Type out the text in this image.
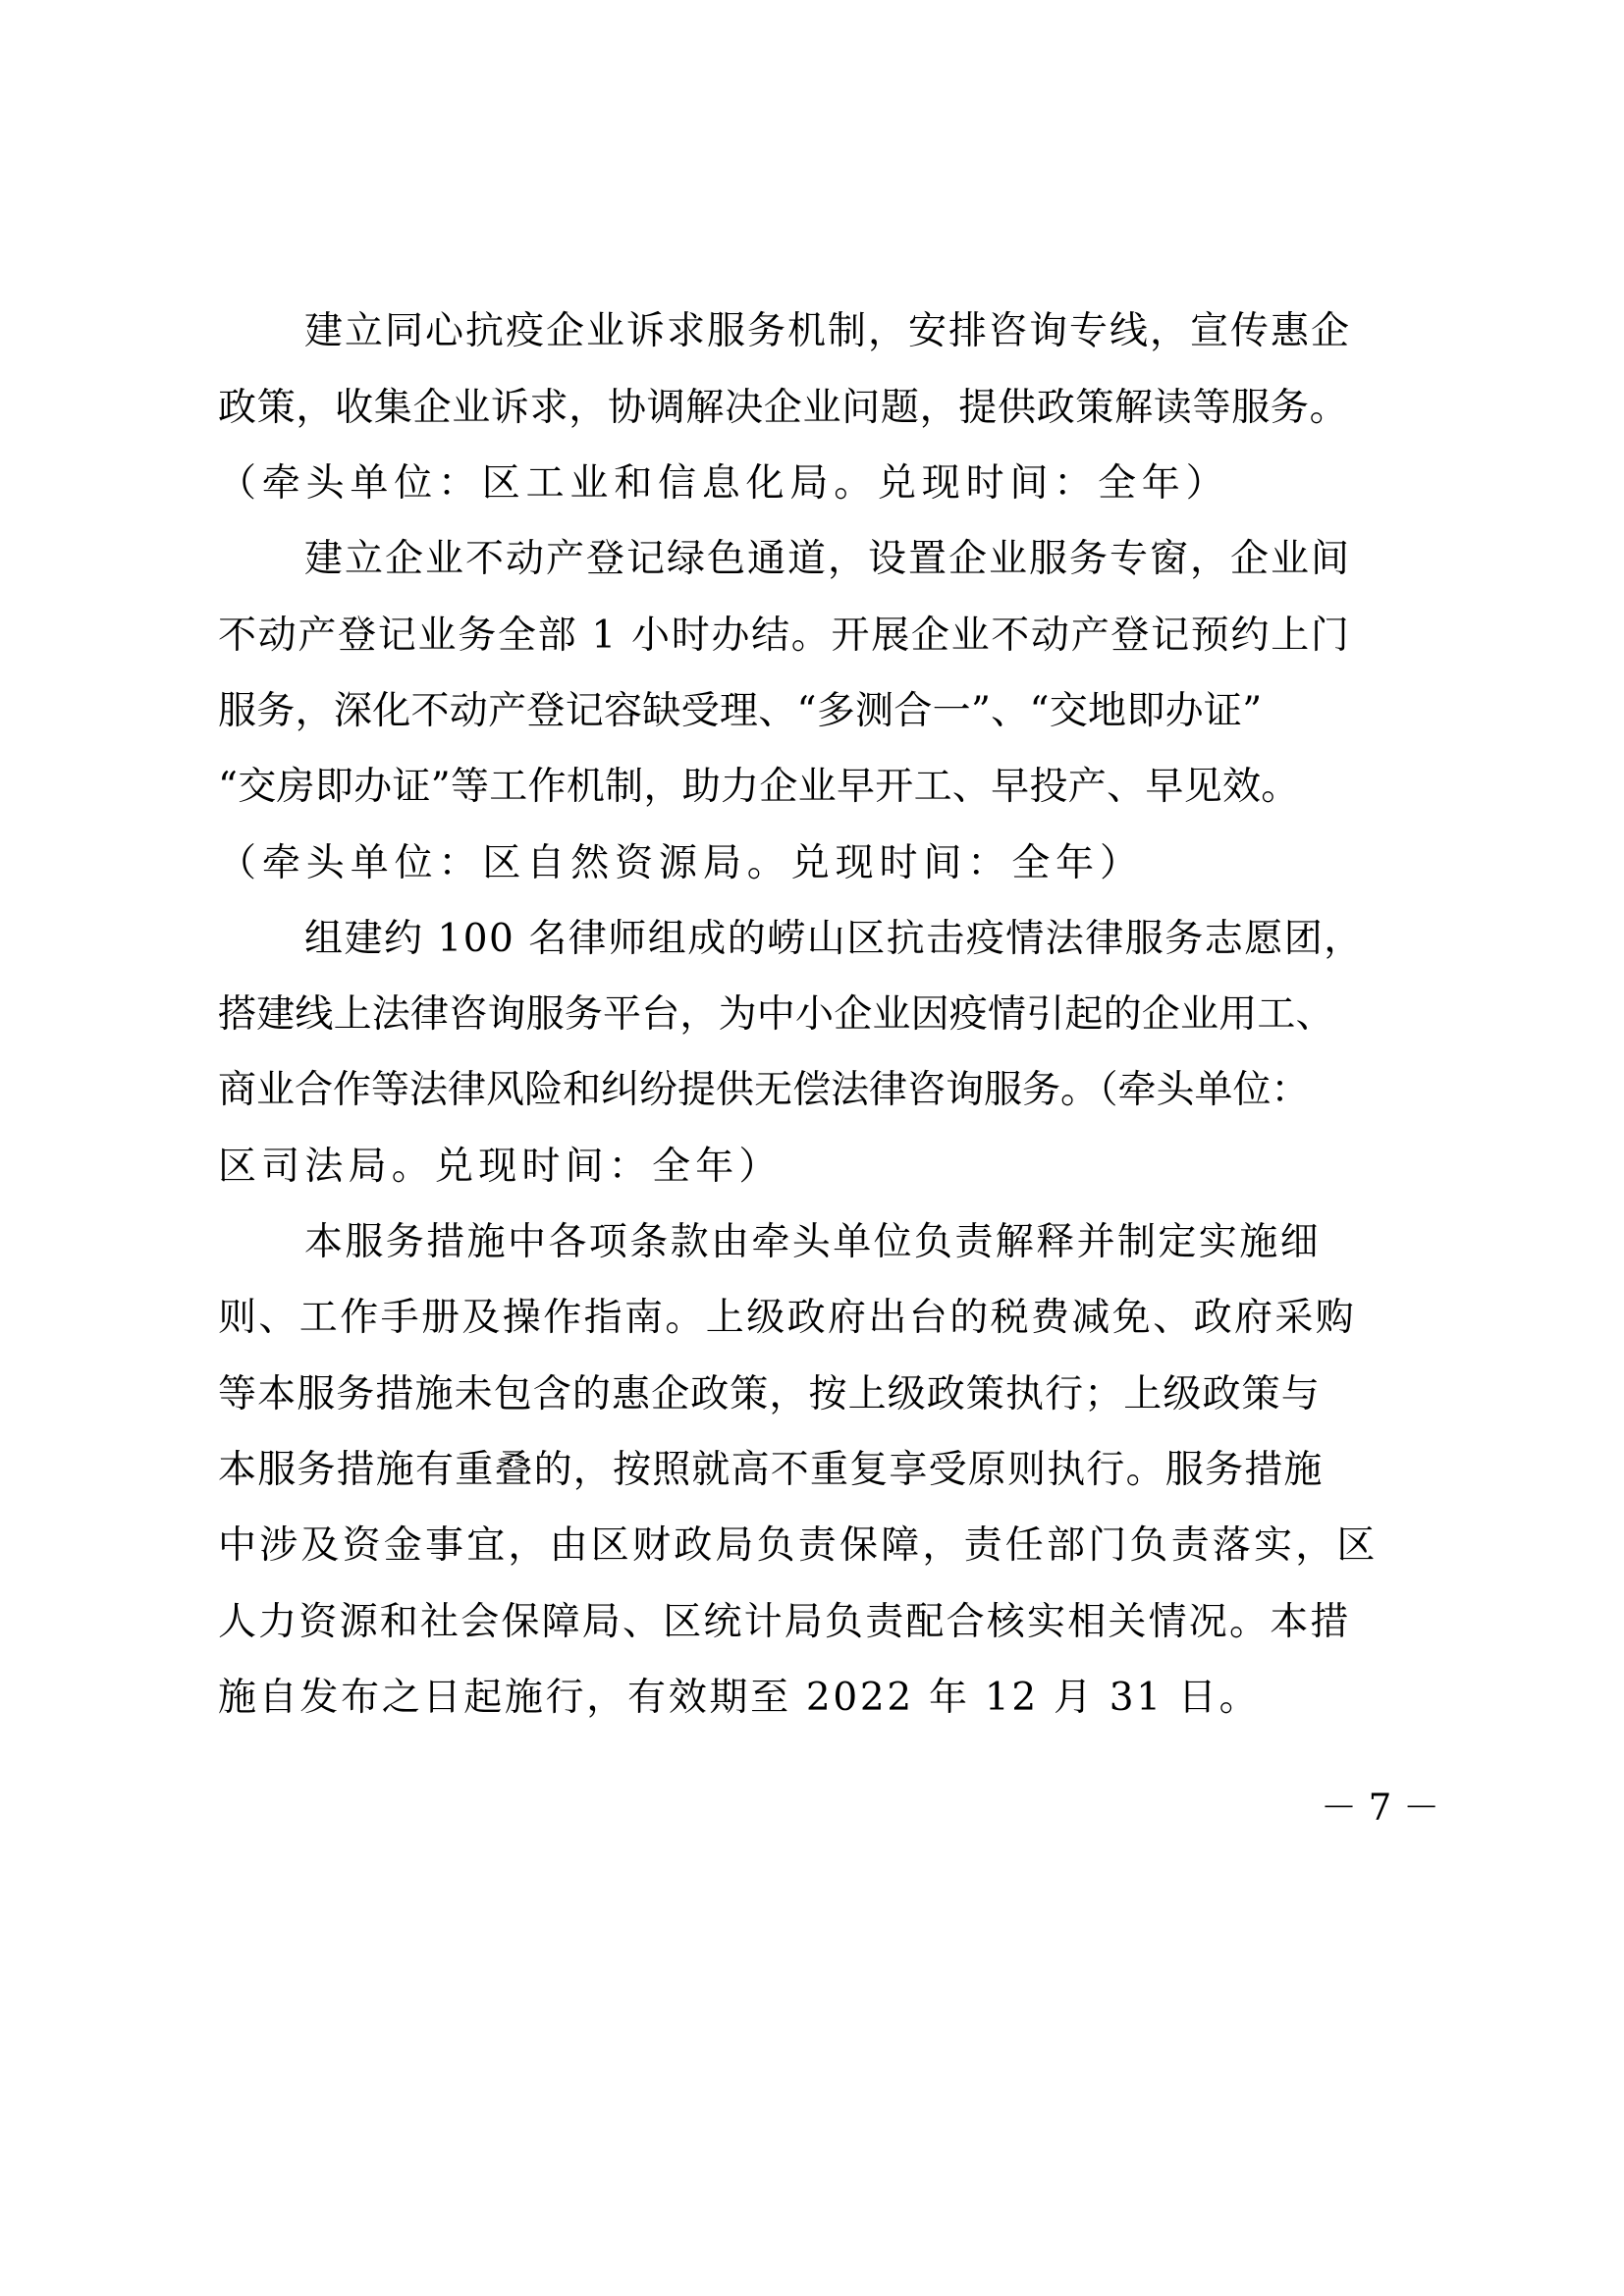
建立同心抗疫企业诉求服务机制，安排咨询专线，宣传惠企
政策，收集企业诉求，协调解决企业问题，提供政策解读等服务。
（牵头单位：区工业和信息化局。兑现时间：全年）
建立企业不动产登记绿色通道，设置企业服务专窗，企业间
不动产登记业务全部 1 小时办结。开展企业不动产登记预约上门
服务，深化不动产登记容缺受理、“多测合一”、“交地即办证”
“交房即办证”等工作机制，助力企业早开工、早投产、早见效。
（牵头单位：区自然资源局。兑现时间：全年）
组建约 100 名律师组成的崂山区抗击疫情法律服务志愿团，
搭建线上法律咨询服务平台，为中小企业因疫情引起的企业用工、
商业合作等法律风险和纠纷提供无偿法律咨询服务。（牵头单位：
区司法局。兑现时间：全年）
本服务措施中各项条款由牵头单位负责解释并制定实施细
则、工作手册及操作指南。上级政府出台的税费减免、政府采购
等本服务措施未包含的惠企政策，按上级政策执行；上级政策与
本服务措施有重叠的，按照就高不重复享受原则执行。服务措施
中涉及资金事宜，由区财政局负责保障，责任部门负责落实，区
人力资源和社会保障局、区统计局负责配合核实相关情况。本措
施自发布之日起施行，有效期至 2022 年 12 月 31 日。
－ 7 －
